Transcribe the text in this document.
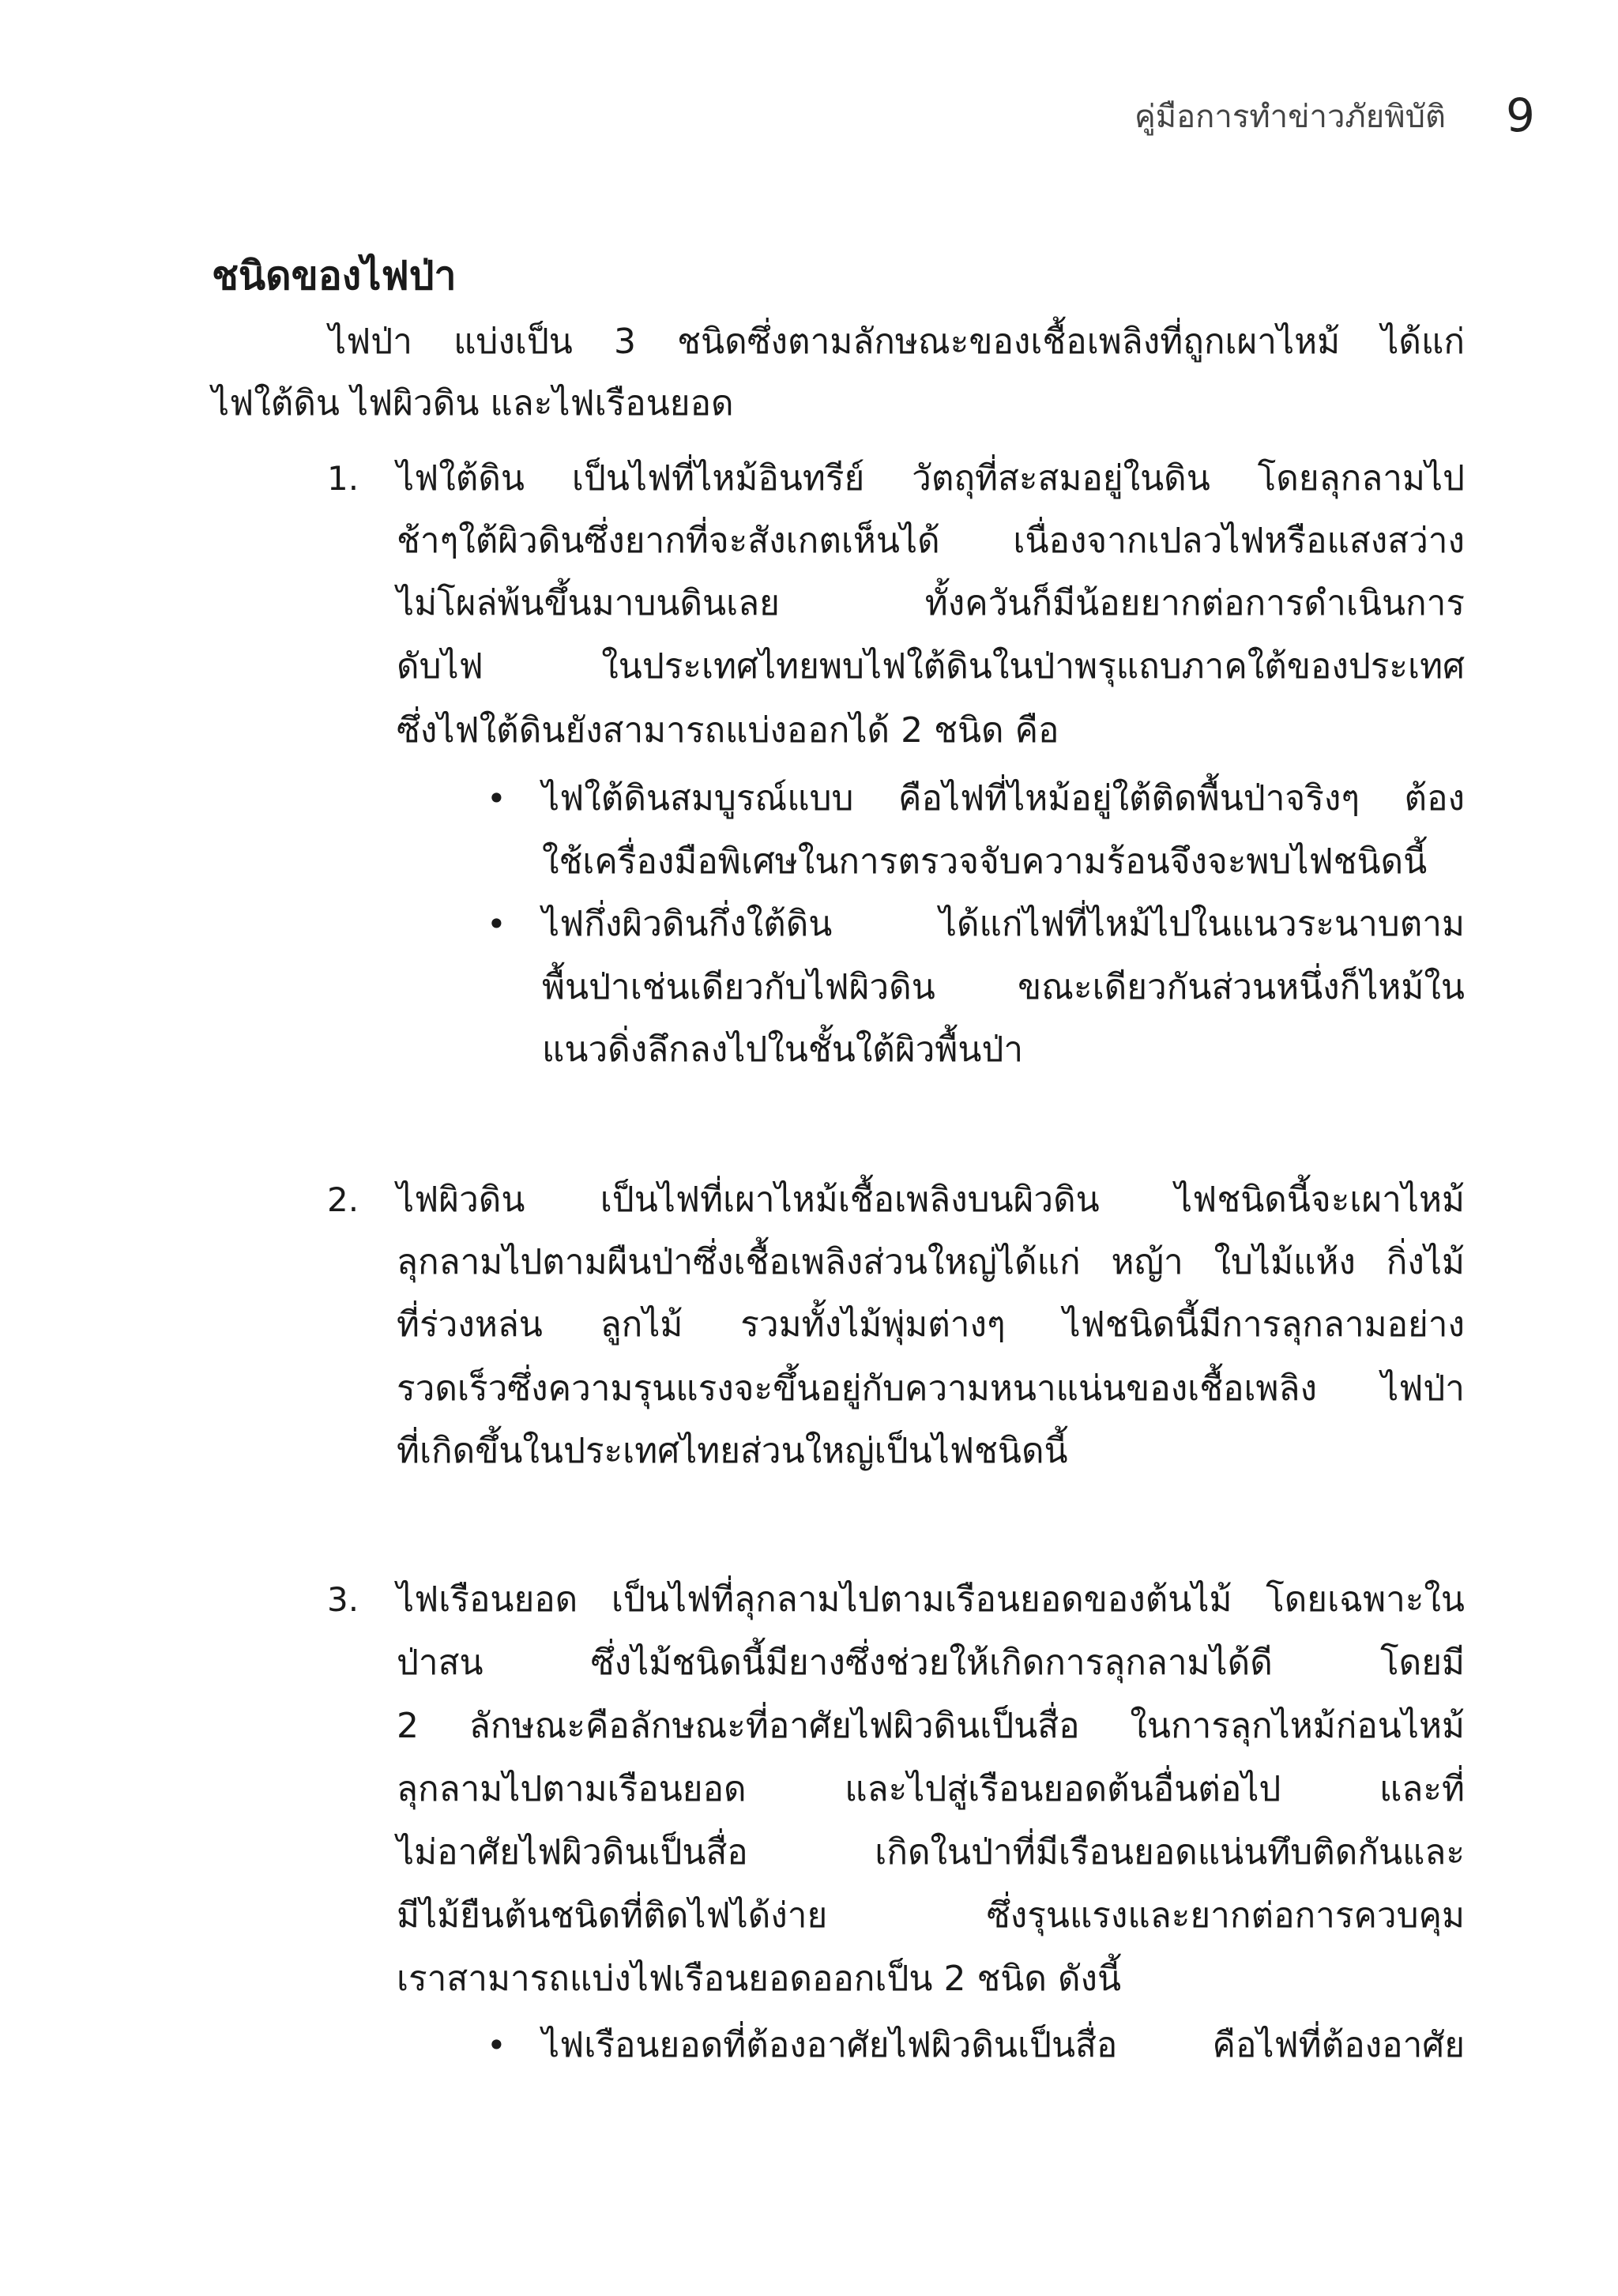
คู่มือการทำข่าวภัยพิบัติ 9
ชนิดของไฟป่า
ไฟป่า แบ่งเป็น 3 ชนิดซึ่งตามลักษณะของเชื้อเพลิงที่ถูกเผาไหม้ ได้แก่
ไฟใต้ดิน ไฟผิวดิน และไฟเรือนยอด
1. ไฟใต้ดิน เป็นไฟที่ไหม้อินทรีย์ วัตถุที่สะสมอยู่ในดิน โดยลุกลามไป
ช้าๆใต้ผิวดินซึ่งยากที่จะสังเกตเห็นได้ เนื่องจากเปลวไฟหรือแสงสว่าง
ไม่โผล่พ้นขึ้นมาบนดินเลย ทั้งควันก็มีน้อยยากต่อการดำเนินการ
ดับไฟ ในประเทศไทยพบไฟใต้ดินในป่าพรุแถบภาคใต้ของประเทศ
ซึ่งไฟใต้ดินยังสามารถแบ่งออกได้ 2 ชนิด คือ
• ไฟใต้ดินสมบูรณ์แบบ คือไฟที่ไหม้อยู่ใต้ติดพื้นป่าจริงๆ ต้อง
ใช้เครื่องมือพิเศษในการตรวจจับความร้อนจึงจะพบไฟชนิดนี้
• ไฟกึ่งผิวดินกึ่งใต้ดิน ได้แก่ไฟที่ไหม้ไปในแนวระนาบตาม
พื้นป่าเช่นเดียวกับไฟผิวดิน ขณะเดียวกันส่วนหนึ่งก็ไหม้ใน
แนวดิ่งลึกลงไปในชั้นใต้ผิวพื้นป่า
2. ไฟผิวดิน เป็นไฟที่เผาไหม้เชื้อเพลิงบนผิวดิน ไฟชนิดนี้จะเผาไหม้
ลุกลามไปตามผืนป่าซึ่งเชื้อเพลิงส่วนใหญ่ได้แก่ หญ้า ใบไม้แห้ง กิ่งไม้
ที่ร่วงหล่น ลูกไม้ รวมทั้งไม้พุ่มต่างๆ ไฟชนิดนี้มีการลุกลามอย่าง
รวดเร็วซึ่งความรุนแรงจะขึ้นอยู่กับความหนาแน่นของเชื้อเพลิง ไฟป่า
ที่เกิดขึ้นในประเทศไทยส่วนใหญ่เป็นไฟชนิดนี้
3. ไฟเรือนยอด เป็นไฟที่ลุกลามไปตามเรือนยอดของต้นไม้ โดยเฉพาะใน
ป่าสน ซึ่งไม้ชนิดนี้มียางซึ่งช่วยให้เกิดการลุกลามได้ดี โดยมี
2 ลักษณะคือลักษณะที่อาศัยไฟผิวดินเป็นสื่อ ในการลุกไหม้ก่อนไหม้
ลุกลามไปตามเรือนยอด และไปสู่เรือนยอดต้นอื่นต่อไป และที่
ไม่อาศัยไฟผิวดินเป็นสื่อ เกิดในป่าที่มีเรือนยอดแน่นทึบติดกันและ
มีไม้ยืนต้นชนิดที่ติดไฟได้ง่าย ซึ่งรุนแรงและยากต่อการควบคุม
เราสามารถแบ่งไฟเรือนยอดออกเป็น 2 ชนิด ดังนี้
• ไฟเรือนยอดที่ต้องอาศัยไฟผิวดินเป็นสื่อ คือไฟที่ต้องอาศัย
